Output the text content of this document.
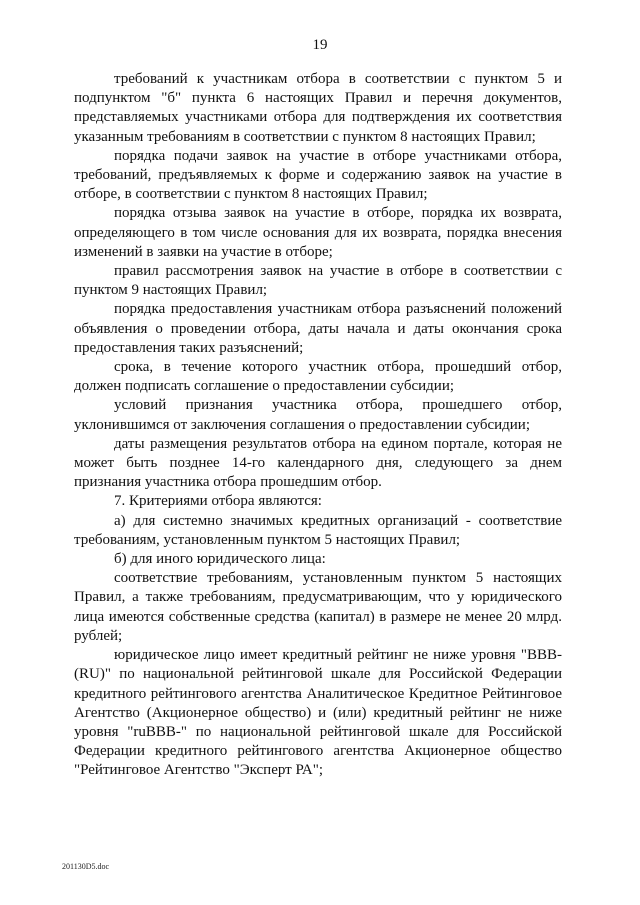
19

требований к участникам отбора в соответствии с пунктом 5 и подпунктом "б" пункта 6 настоящих Правил и перечня документов, представляемых участниками отбора для подтверждения их соответствия указанным требованиям в соответствии с пунктом 8 настоящих Правил;

порядка подачи заявок на участие в отборе участниками отбора, требований, предъявляемых к форме и содержанию заявок на участие в отборе, в соответствии с пунктом 8 настоящих Правил;

порядка отзыва заявок на участие в отборе, порядка их возврата, определяющего в том числе основания для их возврата, порядка внесения изменений в заявки на участие в отборе;

правил рассмотрения заявок на участие в отборе в соответствии с пунктом 9 настоящих Правил;

порядка предоставления участникам отбора разъяснений положений объявления о проведении отбора, даты начала и даты окончания срока предоставления таких разъяснений;

срока, в течение которого участник отбора, прошедший отбор, должен подписать соглашение о предоставлении субсидии;

условий признания участника отбора, прошедшего отбор, уклонившимся от заключения соглашения о предоставлении субсидии;

даты размещения результатов отбора на едином портале, которая не может быть позднее 14-го календарного дня, следующего за днем признания участника отбора прошедшим отбор.

7. Критериями отбора являются:

а) для системно значимых кредитных организаций - соответствие требованиям, установленным пунктом 5 настоящих Правил;

б) для иного юридического лица:

соответствие требованиям, установленным пунктом 5 настоящих Правил, а также требованиям, предусматривающим, что у юридического лица имеются собственные средства (капитал) в размере не менее 20 млрд. рублей;

юридическое лицо имеет кредитный рейтинг не ниже уровня "BBB-(RU)" по национальной рейтинговой шкале для Российской Федерации кредитного рейтингового агентства Аналитическое Кредитное Рейтинговое Агентство (Акционерное общество) и (или) кредитный рейтинг не ниже уровня "ruBBB-" по национальной рейтинговой шкале для Российской Федерации кредитного рейтингового агентства Акционерное общество "Рейтинговое Агентство "Эксперт РА";

201130D5.doc
